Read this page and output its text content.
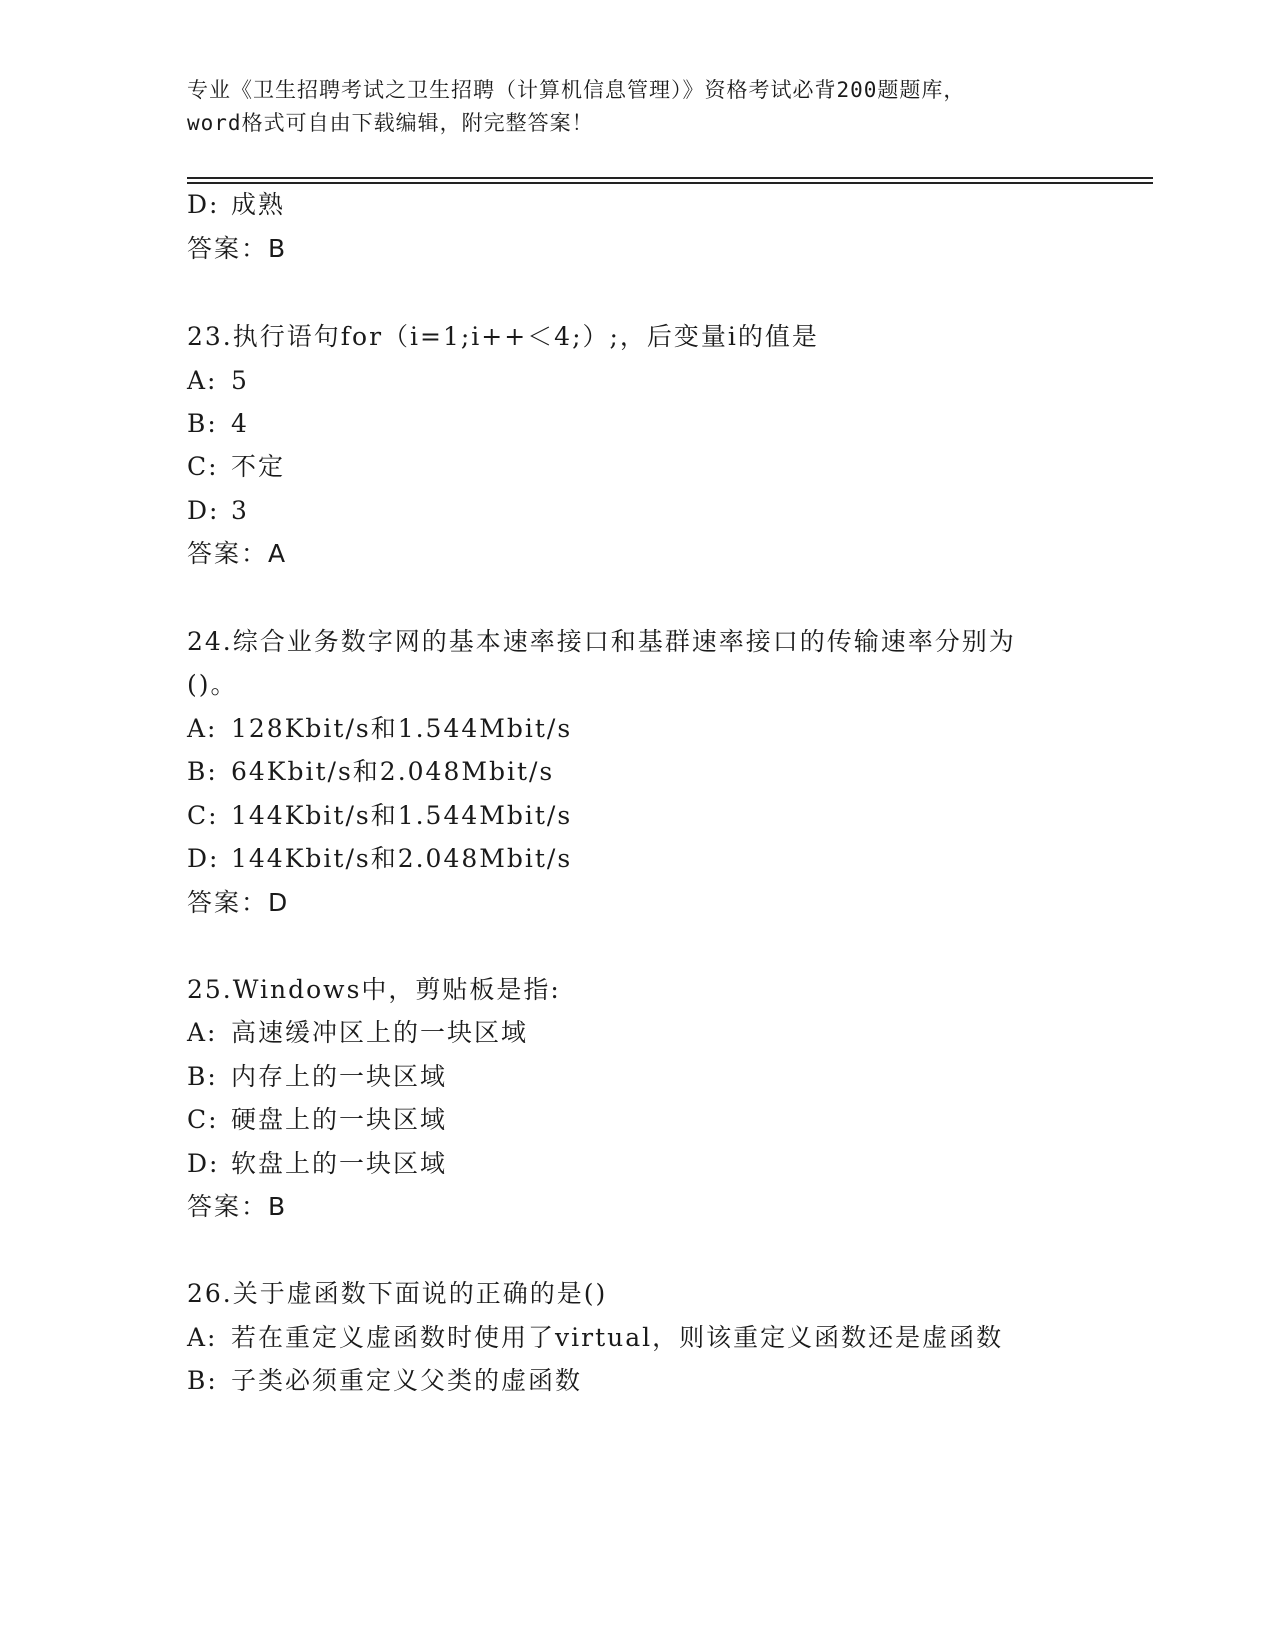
专业《卫生招聘考试之卫生招聘（计算机信息管理）》资格考试必背200题题库，
word格式可自由下载编辑，附完整答案！
D: 成熟
答案：B
23.执行语句for（i=1;i++＜4;）;，后变量i的值是
A: 5
B: 4
C: 不定
D: 3
答案：A
24.综合业务数字网的基本速率接口和基群速率接口的传输速率分别为
()。
A: 128Kbit/s和1.544Mbit/s
B: 64Kbit/s和2.048Mbit/s
C: 144Kbit/s和1.544Mbit/s
D: 144Kbit/s和2.048Mbit/s
答案：D
25.Windows中，剪贴板是指:
A: 高速缓冲区上的一块区域
B: 内存上的一块区域
C: 硬盘上的一块区域
D: 软盘上的一块区域
答案：B
26.关于虚函数下面说的正确的是()
A: 若在重定义虚函数时使用了virtual，则该重定义函数还是虚函数
B: 子类必须重定义父类的虚函数
